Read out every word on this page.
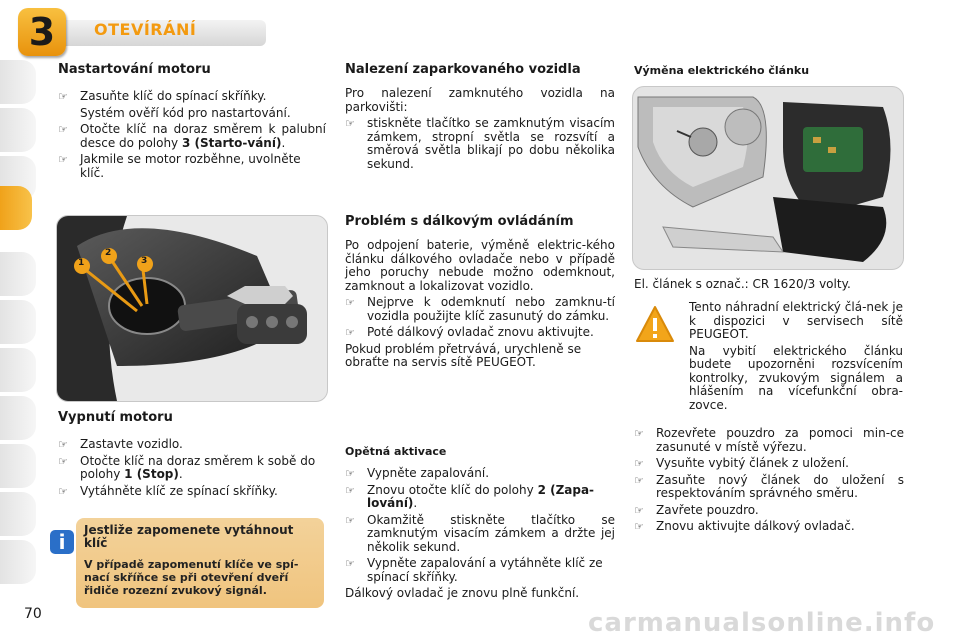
3	OTEVÍRÁNÍ
Nastartování motoru
☞ Zasuňte klíč do spínací skříňky.
Systém ověří kód pro nastartování.
☞ Otočte klíč na doraz směrem k palubní desce do polohy 3 (Starto-vání).
☞ Jakmile se motor rozběhne, uvolněte klíč.
1
2
3
Vypnutí motoru
☞ Zastavte vozidlo.
☞ Otočte klíč na doraz směrem k sobě do polohy 1 (Stop).
☞ Vytáhněte klíč ze spínací skříňky.
Jestliže zapomenete vytáhnout klíč
V případě zapomenutí klíče ve spí-nací skříňce se při otevření dveří řidiče rozezní zvukový signál.
i
Nalezení zaparkovaného vozidla
Pro nalezení zamknutého vozidla na parkovišti:
☞ stiskněte tlačítko se zamknutým visacím zámkem, stropní světla se rozsvítí a směrová světla blikají po dobu několika sekund.
Problém s dálkovým ovládáním
Po odpojení baterie, výměně elektric-kého článku dálkového ovladače nebo v případě jeho poruchy nebude možno odemknout, zamknout a lokalizovat vozidlo.
☞ Nejprve k odemknutí nebo zamknu-tí vozidla použijte klíč zasunutý do zámku.
☞ Poté dálkový ovladač znovu aktivujte.
Pokud problém přetrvává, urychleně se obraťte na servis sítě PEUGEOT.
Opětná aktivace
☞ Vypněte zapalování.
☞ Znovu otočte klíč do polohy 2 (Zapa-lování).
☞ Okamžitě stiskněte tlačítko se zamknutým visacím zámkem a držte jej několik sekund.
☞ Vypněte zapalování a vytáhněte klíč ze spínací skříňky.
Dálkový ovladač je znovu plně funkční.
Výměna elektrického článku
El. článek s označ.: CR 1620/3 volty.
Tento náhradní elektrický člá-nek je k dispozici v servisech sítě PEUGEOT.
Na vybití elektrického článku budete upozorněni rozsvícením kontrolky, zvukovým signálem a hlášením na vícefunkční obra-zovce.
☞ Rozevřete pouzdro za pomoci min-ce zasunuté v místě výřezu.
☞ Vysuňte vybitý článek z uložení.
☞ Zasuňte nový článek do uložení s respektováním správného směru.
☞ Zavřete pouzdro.
☞ Znovu aktivujte dálkový ovladač.
70	carmanualsonline.info
